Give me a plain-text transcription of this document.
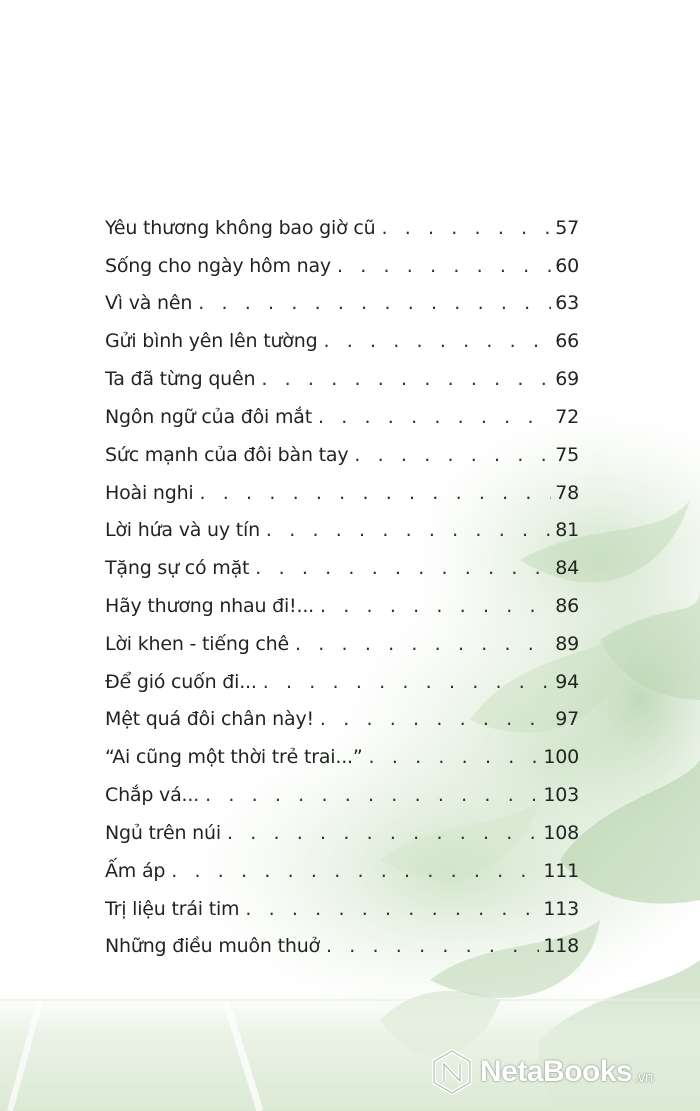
Yêu thương không bao giờ cũ . . .	57
Sống cho ngày hôm nay . . .	60
Vì và nên . . .	63
Gửi bình yên lên tường . . .	66
Ta đã từng quên . . .	69
Ngôn ngữ của đôi mắt . . .	72
Sức mạnh của đôi bàn tay . . .	75
Hoài nghi . . .	78
Lời hứa và uy tín . . .	81
Tặng sự có mặt . . .	84
Hãy thương nhau đi!... . . .	86
Lời khen - tiếng chê . . .	89
Để gió cuốn đi... . . .	94
Mệt quá đôi chân này! . . .	97
“Ai cũng một thời trẻ trai...” . . .	100
Chắp vá... . . .	103
Ngủ trên núi . . .	108
Ấm áp . . .	111
Trị liệu trái tim . . .	113
Những điều muôn thuở . . .	118
NetaBooks .vn
